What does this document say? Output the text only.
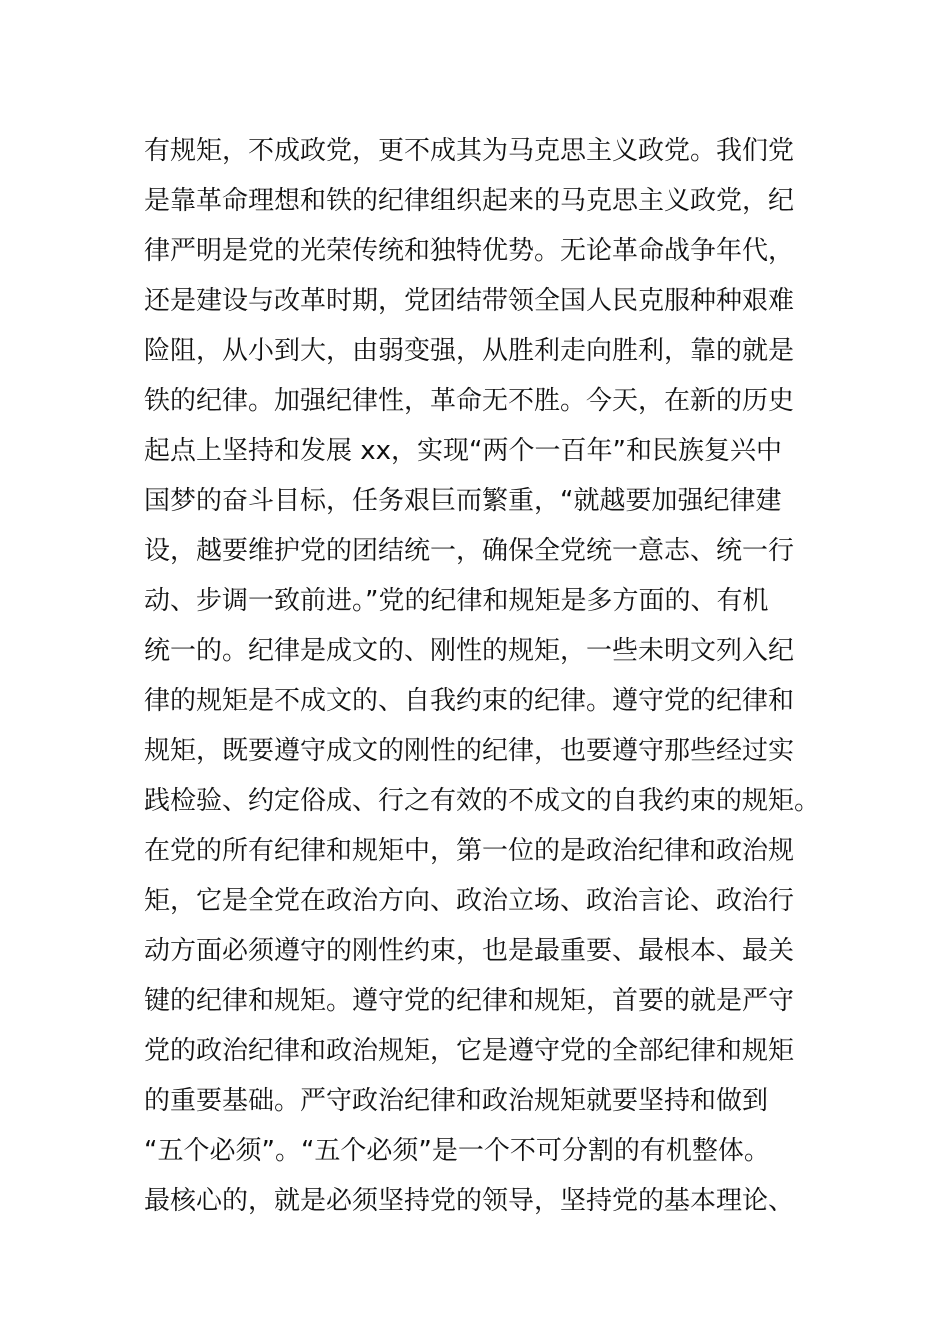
有规矩，不成政党，更不成其为马克思主义政党。我们党
是靠革命理想和铁的纪律组织起来的马克思主义政党，纪
律严明是党的光荣传统和独特优势。无论革命战争年代，
还是建设与改革时期，党团结带领全国人民克服种种艰难
险阻，从小到大，由弱变强，从胜利走向胜利，靠的就是
铁的纪律。加强纪律性，革命无不胜。今天，在新的历史
起点上坚持和发展 xx，实现“两个一百年”和民族复兴中
国梦的奋斗目标，任务艰巨而繁重，“就越要加强纪律建
设，越要维护党的团结统一，确保全党统一意志、统一行
动、步调一致前进。”党的纪律和规矩是多方面的、有机
统一的。纪律是成文的、刚性的规矩，一些未明文列入纪
律的规矩是不成文的、自我约束的纪律。遵守党的纪律和
规矩，既要遵守成文的刚性的纪律，也要遵守那些经过实
践检验、约定俗成、行之有效的不成文的自我约束的规矩。
在党的所有纪律和规矩中，第一位的是政治纪律和政治规
矩，它是全党在政治方向、政治立场、政治言论、政治行
动方面必须遵守的刚性约束，也是最重要、最根本、最关
键的纪律和规矩。遵守党的纪律和规矩，首要的就是严守
党的政治纪律和政治规矩，它是遵守党的全部纪律和规矩
的重要基础。严守政治纪律和政治规矩就要坚持和做到
“五个必须”。“五个必须”是一个不可分割的有机整体。
最核心的，就是必须坚持党的领导，坚持党的基本理论、
